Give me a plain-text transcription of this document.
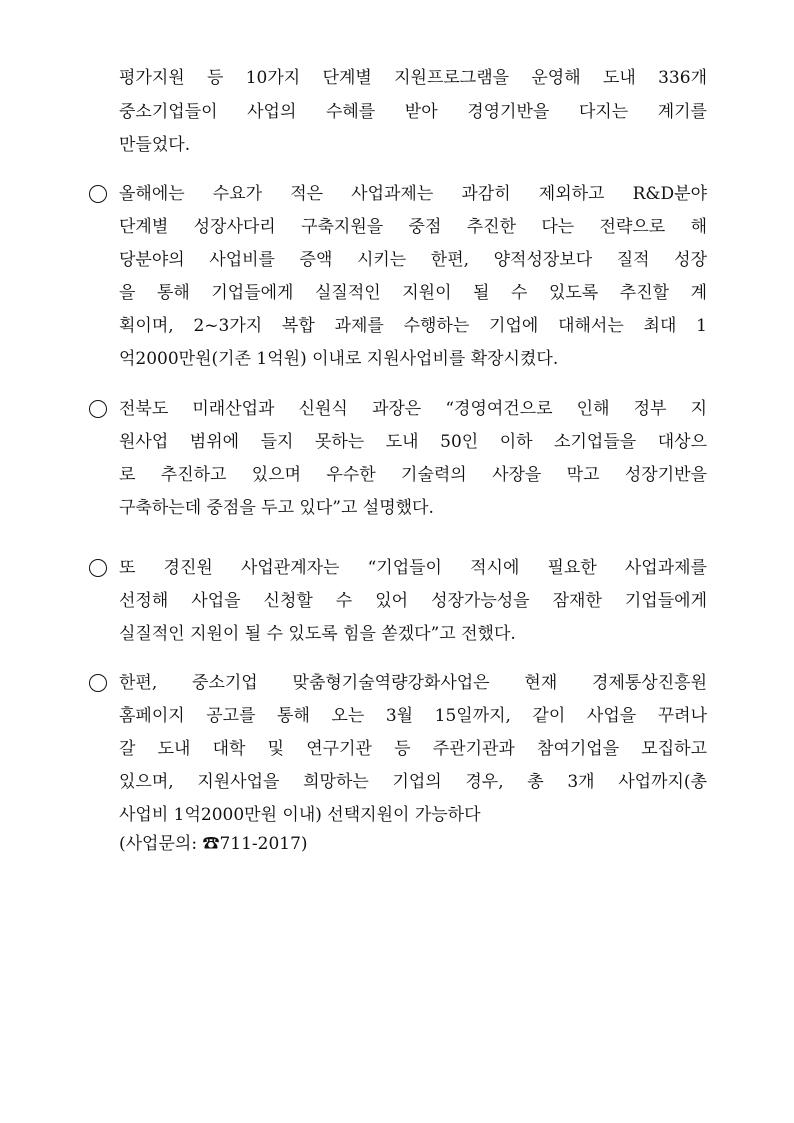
평가지원 등 10가지 단계별 지원프로그램을 운영해 도내 336개
중소기업들이 사업의 수혜를 받아 경영기반을 다지는 계기를
만들었다.
올해에는 수요가 적은 사업과제는 과감히 제외하고 R&D분야
단계별 성장사다리 구축지원을 중점 추진한 다는 전략으로 해
당분야의 사업비를 증액 시키는 한편, 양적성장보다 질적 성장
을 통해 기업들에게 실질적인 지원이 될 수 있도록 추진할 계
획이며, 2~3가지 복합 과제를 수행하는 기업에 대해서는 최대 1
억2000만원(기존 1억원) 이내로 지원사업비를 확장시켰다.
전북도 미래산업과 신원식 과장은 “경영여건으로 인해 정부 지
원사업 범위에 들지 못하는 도내 50인 이하 소기업들을 대상으
로 추진하고 있으며 우수한 기술력의 사장을 막고 성장기반을
구축하는데 중점을 두고 있다”고 설명했다.
또 경진원 사업관계자는 “기업들이 적시에 필요한 사업과제를
선정해 사업을 신청할 수 있어 성장가능성을 잠재한 기업들에게
실질적인 지원이 될 수 있도록 힘을 쏟겠다”고 전했다.
한편, 중소기업 맞춤형기술역량강화사업은 현재 경제통상진흥원
홈페이지 공고를 통해 오는 3월 15일까지, 같이 사업을 꾸려나
갈 도내 대학 및 연구기관 등 주관기관과 참여기업을 모집하고
있으며, 지원사업을 희망하는 기업의 경우, 총 3개 사업까지(총
사업비 1억2000만원 이내) 선택지원이 가능하다
(사업문의: ☎711-2017)
